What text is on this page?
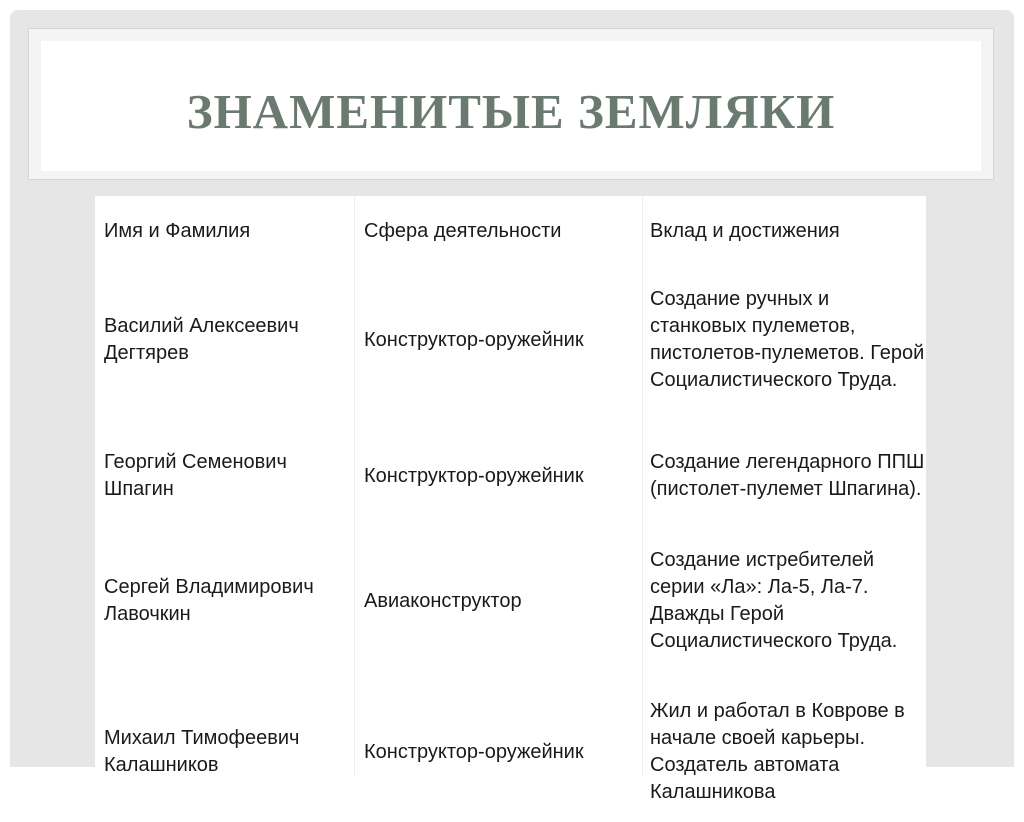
ЗНАМЕНИТЫЕ ЗЕМЛЯКИ
Имя и Фамилия	Сфера деятельности	Вклад и достижения
Василий Алексеевич Дегтярев
Конструктор-оружейник
Создание ручных и станковых пулеметов, пистолетов-пулеметов. Герой Социалистического Труда.
Георгий Семенович Шпагин
Конструктор-оружейник
Создание легендарного ППШ (пистолет-пулемет Шпагина).
Сергей Владимирович Лавочкин
Авиаконструктор
Создание истребителей серии «Ла»: Ла-5, Ла-7. Дважды Герой Социалистического Труда.
Михаил Тимофеевич Калашников
Конструктор-оружейник
Жил и работал в Коврове в начале своей карьеры. Создатель автомата Калашникова
